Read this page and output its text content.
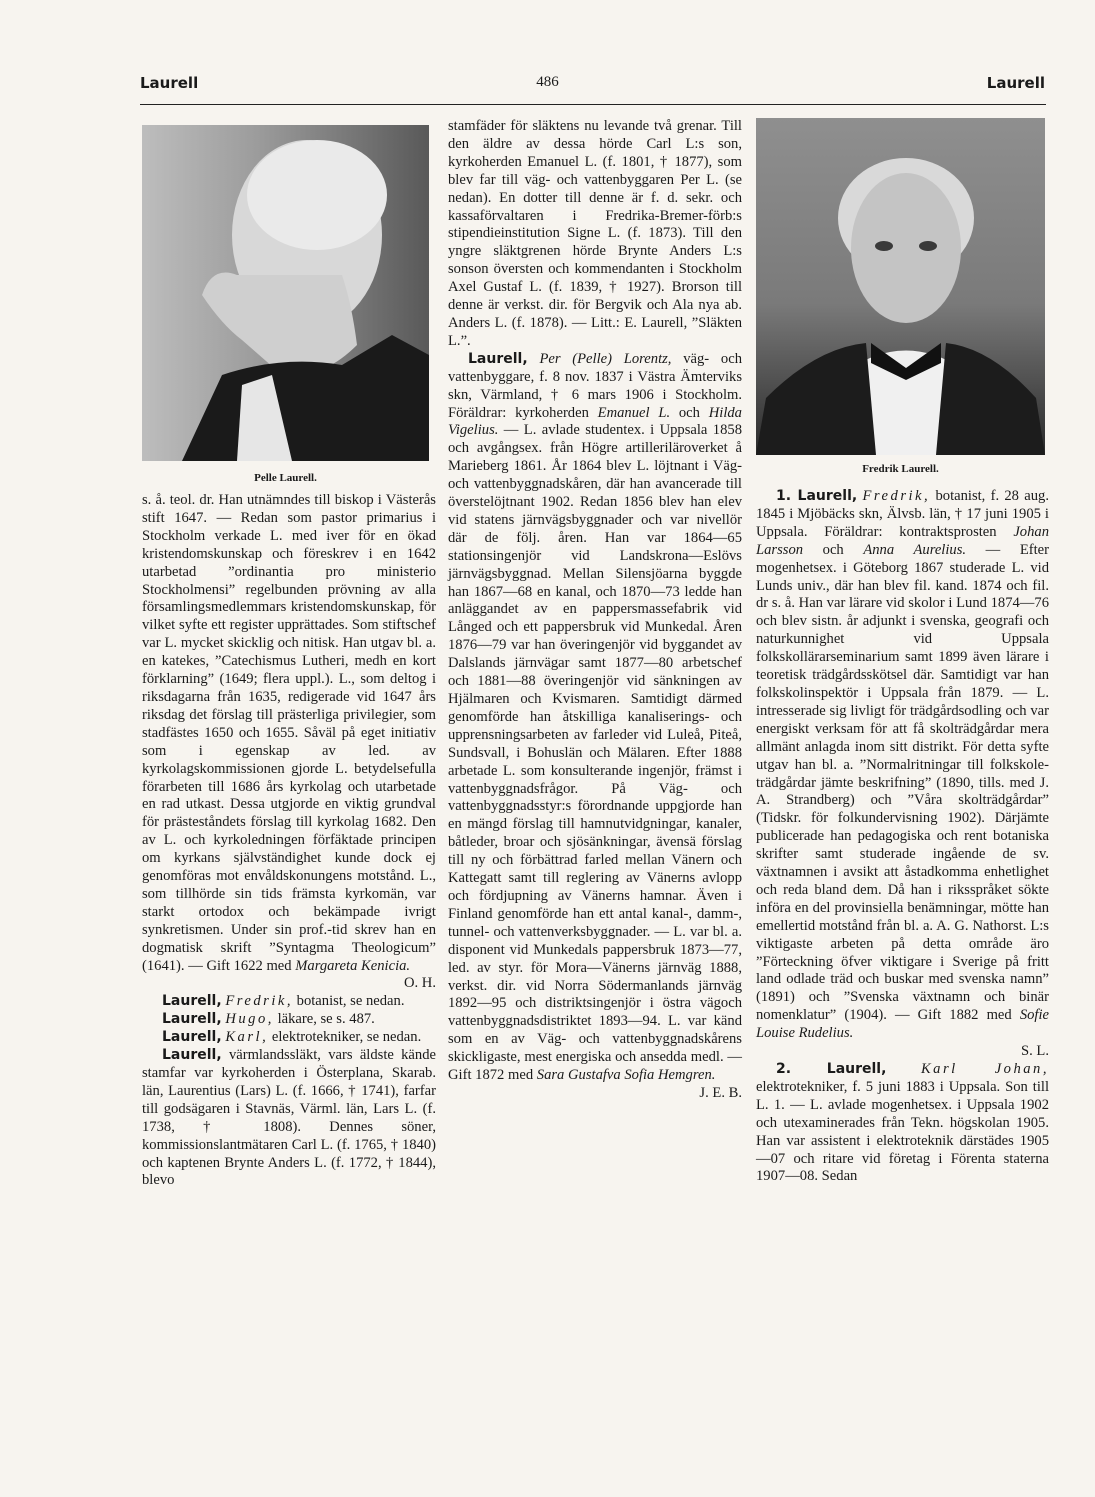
Laurell	486	Laurell
Pelle Laurell.
Fredrik Laurell.

s. å. teol. dr. Han utnämndes till biskop i Västerås stift 1647. — Redan som pastor primarius i Stockholm verkade L. med iver för en ökad kristendomskunskap och föreskrev i en 1642 utarbetad ”ordinantia pro ministerio Stockholmensi” regelbunden prövning av alla församlingsmedlemmars kristendomskunskap, för vilket syfte ett register upprättades. Som stiftschef var L. mycket skicklig och nitisk. Han utgav bl. a. en katekes, ”Catechismus Lutheri, medh en kort förklarning” (1649; flera uppl.). L., som deltog i riksdagarna från 1635, redigerade vid 1647 års riksdag det förslag till prästerliga privilegier, som stadfästes 1650 och 1655. Såväl på eget initiativ som i egenskap av led. av kyrkolagskommissionen gjorde L. betydelsefulla förarbeten till 1686 års kyrkolag och utarbetade en rad utkast. Dessa utgjorde en viktig grundval för prästeståndets förslag till kyrkolag 1682. Den av L. och kyrkoledningen förfäktade principen om kyrkans självständighet kunde dock ej genomföras mot envåldskonungens motstånd. L., som tillhörde sin tids främsta kyrkomän, var starkt ortodox och bekämpade ivrigt synkretismen. Under sin prof.-tid skrev han en dogmatisk skrift ”Syntagma Theologicum” (1641). — Gift 1622 med Margareta Kenicia.
O. H.

Laurell, Fredrik, botanist, se nedan.

Laurell, Hugo, läkare, se s. 487.

Laurell, Karl, elektrotekniker, se nedan.

Laurell, värmlandssläkt, vars äldste kände stamfar var kyrkoherden i Österplana, Skarab. län, Laurentius (Lars) L. (f. 1666, † 1741), farfar till godsägaren i Stavnäs, Värml. län, Lars L. (f. 1738, † 1808). Dennes söner, kommissionslantmätaren Carl L. (f. 1765, † 1840) och kaptenen Brynte Anders L. (f. 1772, † 1844), blevo

stamfäder för släktens nu levande två grenar. Till den äldre av dessa hörde Carl L:s son, kyrkoherden Emanuel L. (f. 1801, † 1877), som blev far till väg- och vattenbyggaren Per L. (se nedan). En dotter till denne är f. d. sekr. och kassaförvaltaren i Fredrika-Bremer-förb:s stipendieinstitution Signe L. (f. 1873). Till den yngre släktgrenen hörde Brynte Anders L:s sonson översten och kommendanten i Stockholm Axel Gustaf L. (f. 1839, † 1927). Brorson till denne är verkst. dir. för Bergvik och Ala nya ab. Anders L. (f. 1878). — Litt.: E. Laurell, ”Släkten L.”.

Laurell, Per (Pelle) Lorentz, väg- och vattenbyggare, f. 8 nov. 1837 i Västra Ämterviks skn, Värmland, † 6 mars 1906 i Stockholm. Föräldrar: kyrkoherden Emanuel L. och Hilda Vigelius. — L. avlade studentex. i Uppsala 1858 och avgångsex. från Högre artilleriläroverket å Marieberg 1861. År 1864 blev L. löjtnant i Väg- och vattenbyggnadskåren, där han avancerade till överstelöjtnant 1902. Redan 1856 blev han elev vid statens järnvägsbyggnader och var nivellör där de följ. åren. Han var 1864—65 stationsingenjör vid Landskrona—Eslövs järnvägsbyggnad. Mellan Silensjöarna byggde han 1867—68 en kanal, och 1870—73 ledde han anläggandet av en pappersmassefabrik vid Långed och ett pappersbruk vid Munkedal. Åren 1876—79 var han överingenjör vid byggandet av Dalslands järnvägar samt 1877—80 arbetschef och 1881—88 överingenjör vid sänkningen av Hjälmaren och Kvismaren. Samtidigt därmed genomförde han åtskilliga kanaliserings- och upprensningsarbeten av farleder vid Luleå, Piteå, Sundsvall, i Bohuslän och Mälaren. Efter 1888 arbetade L. som konsulterande ingenjör, främst i vattenbyggnadsfrågor. På Väg- och vattenbyggnadsstyr:s förordnande uppgjorde han en mängd förslag till hamnutvidgningar, kanaler, båtleder, broar och sjösänkningar, ävensä förslag till ny och förbättrad farled mellan Vänern och Kattegatt samt till reglering av Vänerns avlopp och fördjupning av Vänerns hamnar. Även i Finland genomförde han ett antal kanal-, damm-, tunnel- och vattenverksbyggnader. — L. var bl. a. disponent vid Munkedals pappersbruk 1873—77, led. av styr. för Mora—Vänerns järnväg 1888, verkst. dir. vid Norra Södermanlands järnväg 1892—95 och distriktsingenjör i östra vägoch vattenbyggnadsdistriktet 1893—94. L. var känd som en av Väg- och vattenbyggnadskårens skickligaste, mest energiska och ansedda medl. — Gift 1872 med Sara Gustafva Sofia Hemgren.
J. E. B.

1. Laurell, Fredrik, botanist, f. 28 aug. 1845 i Mjöbäcks skn, Älvsb. län, † 17 juni 1905 i Uppsala. Föräldrar: kontraktsprosten Johan Larsson och Anna Aurelius. — Efter mogenhetsex. i Göteborg 1867 studerade L. vid Lunds univ., där han blev fil. kand. 1874 och fil. dr s. å. Han var lärare vid skolor i Lund 1874—76 och blev sistn. år adjunkt i svenska, geografi och naturkunnighet vid Uppsala folkskollärarseminarium samt 1899 även lärare i teoretisk trädgårdsskötsel där. Samtidigt var han folkskolinspektör i Uppsala från 1879. — L. intresserade sig livligt för trädgårdsodling och var energiskt verksam för att få skolträdgårdar mera allmänt anlagda inom sitt distrikt. För detta syfte utgav han bl. a. ”Normalritningar till folkskole-trädgårdar jämte beskrifning” (1890, tills. med J. A. Strandberg) och ”Våra skolträdgårdar” (Tidskr. för folkundervisning 1902). Därjämte publicerade han pedagogiska och rent botaniska skrifter samt studerade ingående de sv. växtnamnen i avsikt att åstadkomma enhetlighet och reda bland dem. Då han i riksspråket sökte införa en del provinsiella benämningar, mötte han emellertid motstånd från bl. a. A. G. Nathorst. L:s viktigaste arbeten på detta område äro ”Förteckning öfver viktigare i Sverige på fritt land odlade träd och buskar med svenska namn” (1891) och ”Svenska växtnamn och binär nomenklatur” (1904). — Gift 1882 med Sofie Louise Rudelius.

S. L.

2. Laurell, Karl Johan, elektrotekniker, f. 5 juni 1883 i Uppsala. Son till L. 1. — L. avlade mogenhetsex. i Uppsala 1902 och utexaminerades från Tekn. högskolan 1905. Han var assistent i elektroteknik därstädes 1905—07 och ritare vid företag i Förenta staterna 1907—08. Sedan
